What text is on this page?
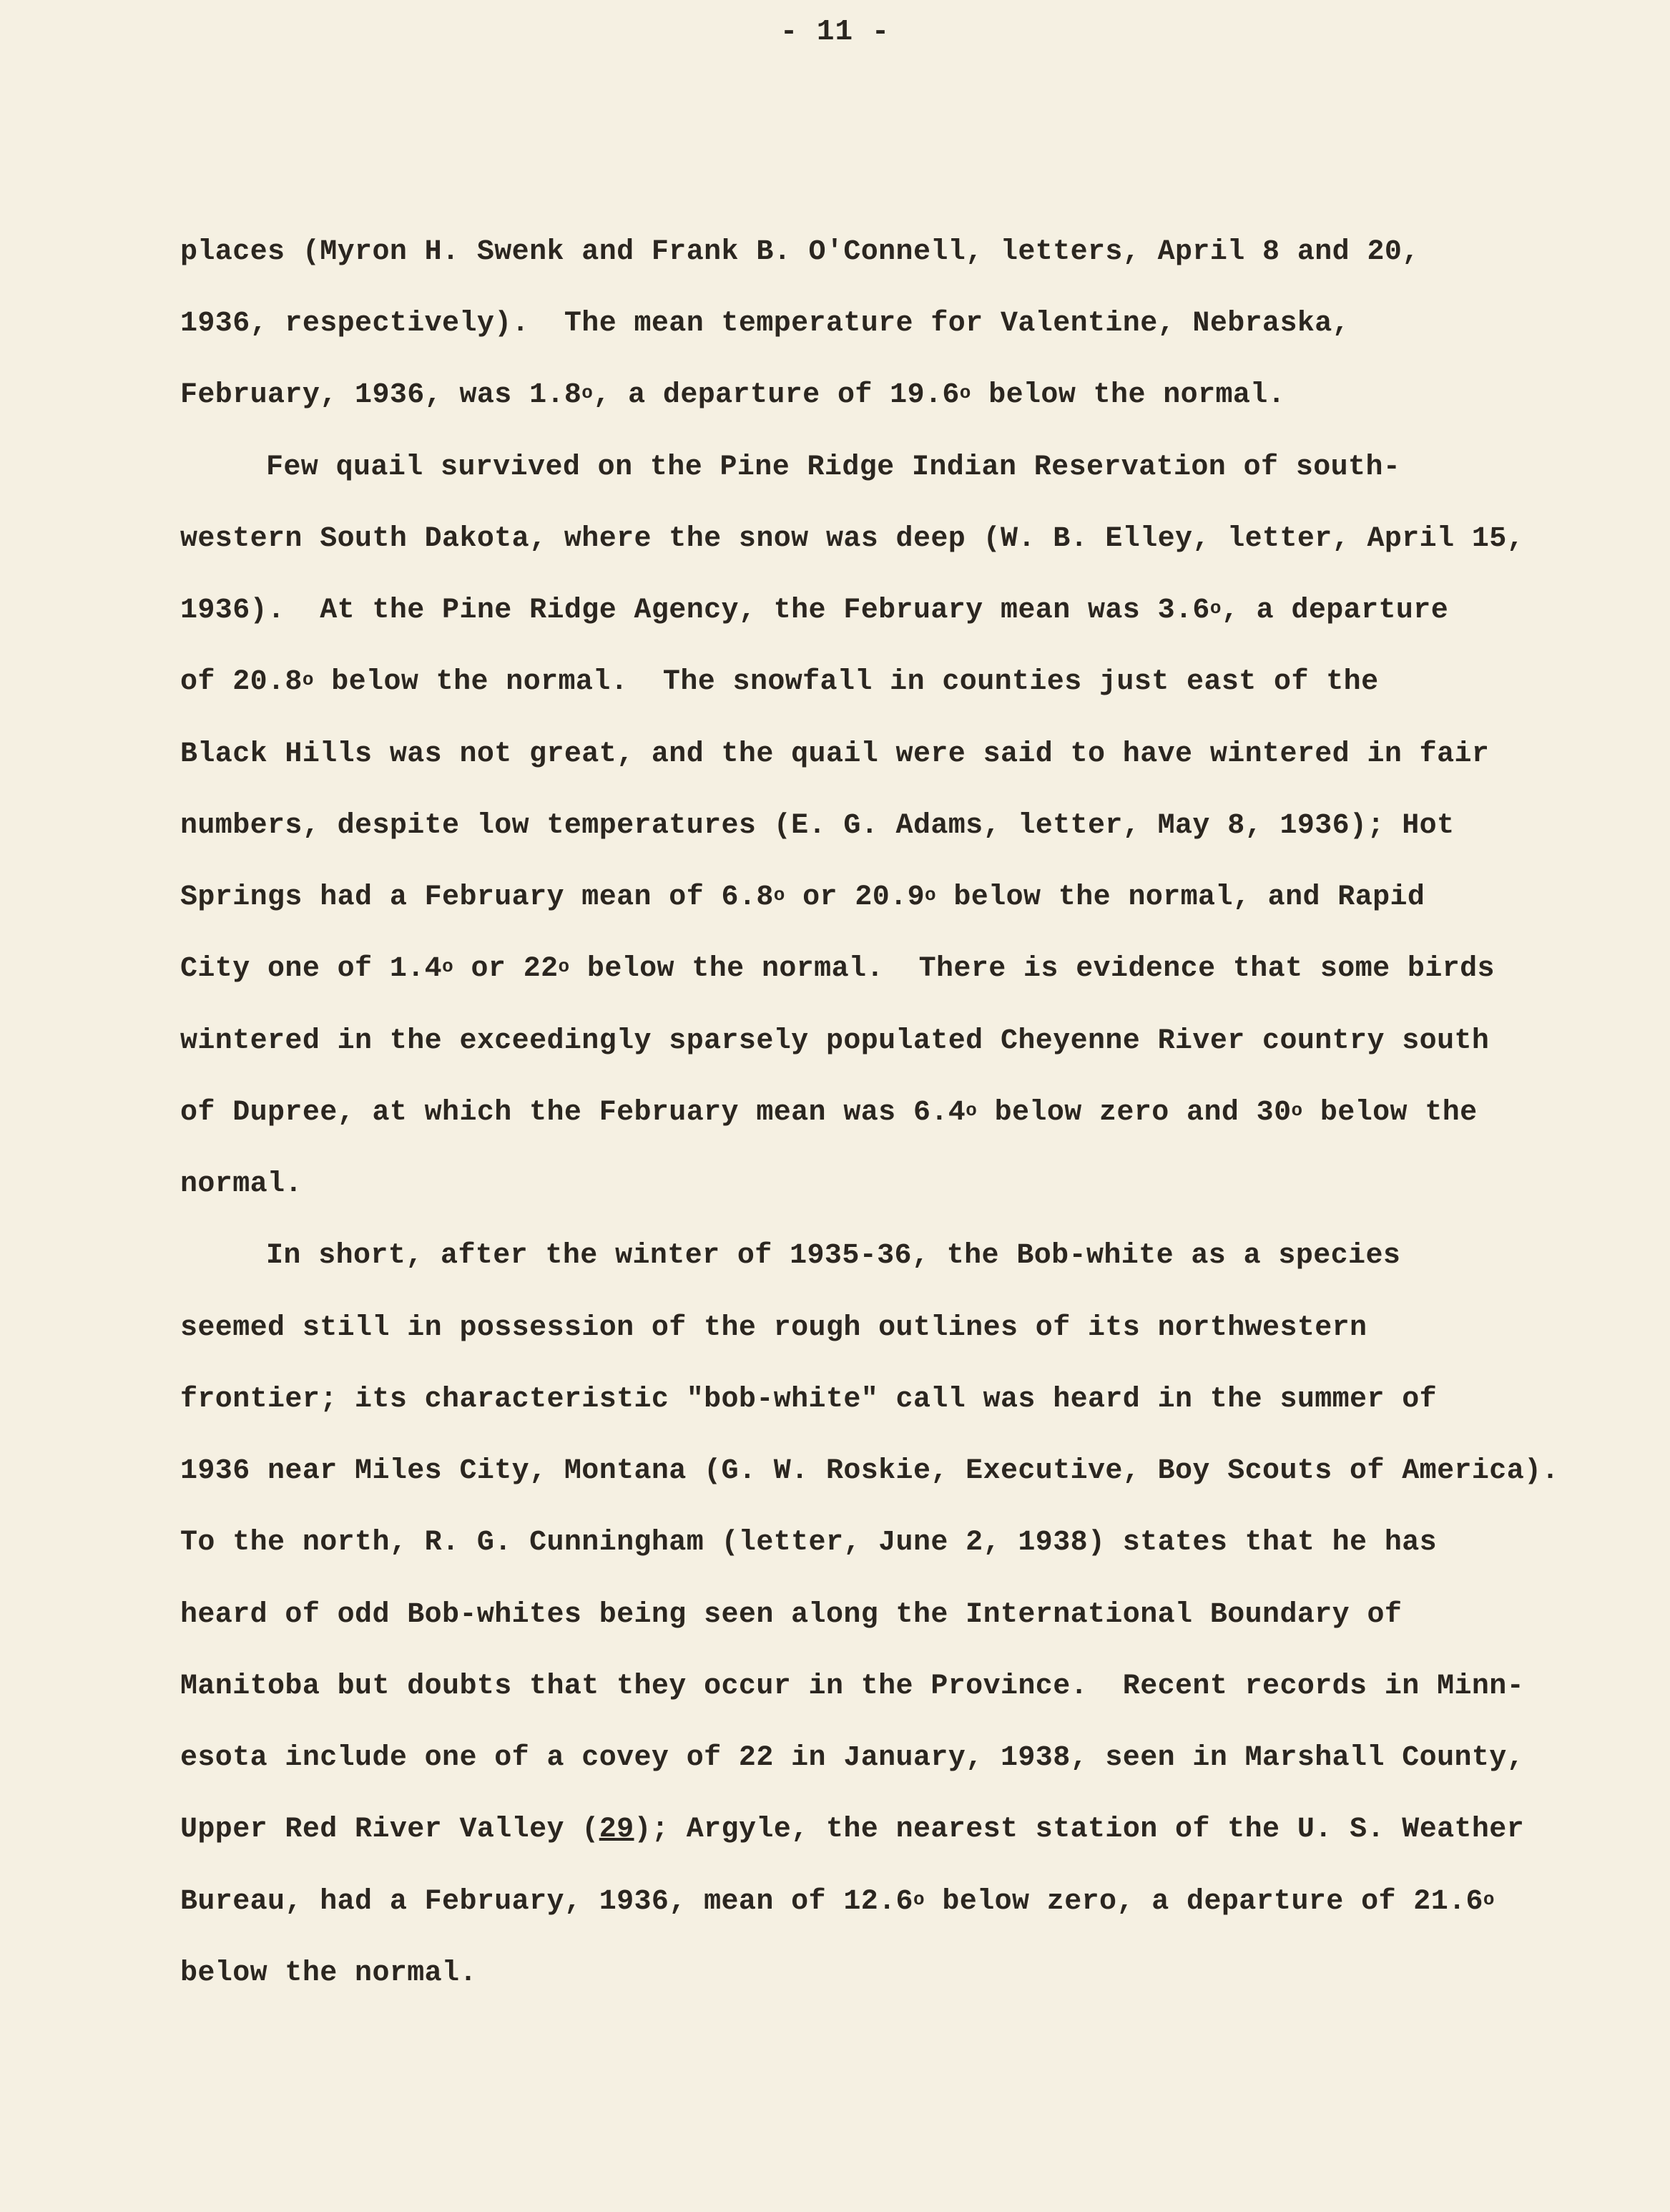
- 11 -
places (Myron H. Swenk and Frank B. O'Connell, letters, April 8 and 20,
1936, respectively).  The mean temperature for Valentine, Nebraska,
February, 1936, was 1.8$^o$, a departure of 19.6$^o$ below the normal.
Few quail survived on the Pine Ridge Indian Reservation of south-
western South Dakota, where the snow was deep (W. B. Elley, letter, April 15,
1936).  At the Pine Ridge Agency, the February mean was 3.6$^o$, a departure
of 20.8$^o$ below the normal.  The snowfall in counties just east of the
Black Hills was not great, and the quail were said to have wintered in fair
numbers, despite low temperatures (E. G. Adams, letter, May 8, 1936); Hot
Springs had a February mean of 6.8$^o$ or 20.9$^o$ below the normal, and Rapid
City one of 1.4$^o$ or 22$^o$ below the normal.  There is evidence that some birds
wintered in the exceedingly sparsely populated Cheyenne River country south
of Dupree, at which the February mean was 6.4$^o$ below zero and 30$^o$ below the
normal.
In short, after the winter of 1935-36, the Bob-white as a species
seemed still in possession of the rough outlines of its northwestern
frontier; its characteristic "bob-white" call was heard in the summer of
1936 near Miles City, Montana (G. W. Roskie, Executive, Boy Scouts of America).
To the north, R. G. Cunningham (letter, June 2, 1938) states that he has
heard of odd Bob-whites being seen along the International Boundary of
Manitoba but doubts that they occur in the Province.  Recent records in Minn-
esota include one of a covey of 22 in January, 1938, seen in Marshall County,
Upper Red River Valley (29); Argyle, the nearest station of the U. S. Weather
Bureau, had a February, 1936, mean of 12.6$^o$ below zero, a departure of 21.6$^o$
below the normal.
